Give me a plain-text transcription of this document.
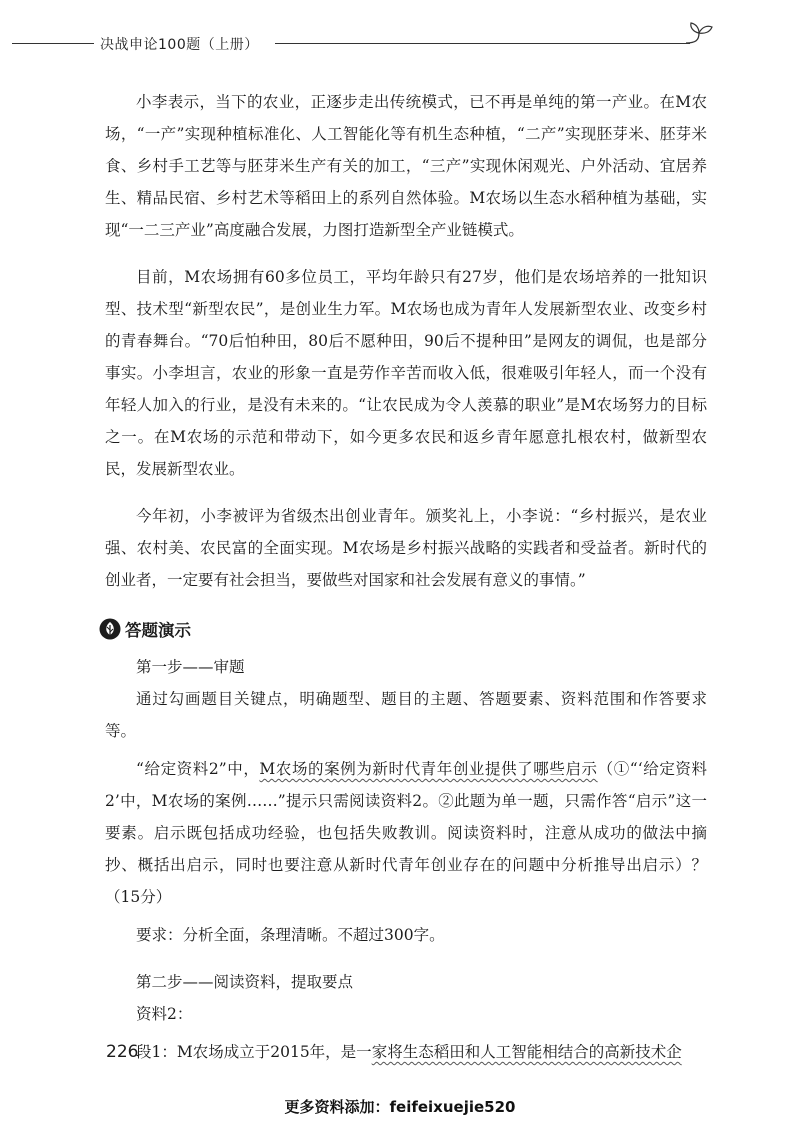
决战申论100题（上册）

小李表示，当下的农业，正逐步走出传统模式，已不再是单纯的第一产业。在M农场，“一产”实现种植标准化、人工智能化等有机生态种植，“二产”实现胚芽米、胚芽米食、乡村手工艺等与胚芽米生产有关的加工，“三产”实现休闲观光、户外活动、宜居养生、精品民宿、乡村艺术等稻田上的系列自然体验。M农场以生态水稻种植为基础，实现“一二三产业”高度融合发展，力图打造新型全产业链模式。

目前，M农场拥有60多位员工，平均年龄只有27岁，他们是农场培养的一批知识型、技术型“新型农民”，是创业生力军。M农场也成为青年人发展新型农业、改变乡村的青春舞台。“70后怕种田，80后不愿种田，90后不提种田”是网友的调侃，也是部分事实。小李坦言，农业的形象一直是劳作辛苦而收入低，很难吸引年轻人，而一个没有年轻人加入的行业，是没有未来的。“让农民成为令人羡慕的职业”是M农场努力的目标之一。在M农场的示范和带动下，如今更多农民和返乡青年愿意扎根农村，做新型农民，发展新型农业。

今年初，小李被评为省级杰出创业青年。颁奖礼上，小李说：“乡村振兴，是农业强、农村美、农民富的全面实现。M农场是乡村振兴战略的实践者和受益者。新时代的创业者，一定要有社会担当，要做些对国家和社会发展有意义的事情。”

答题演示

第一步——审题

通过勾画题目关键点，明确题型、题目的主题、答题要素、资料范围和作答要求等。

“给定资料2”中，M农场的案例为新时代青年创业提供了哪些启示（①“‘给定资料2’中，M农场的案例……”提示只需阅读资料2。②此题为单一题，只需作答“启示”这一要素。启示既包括成功经验，也包括失败教训。阅读资料时，注意从成功的做法中摘抄、概括出启示，同时也要注意从新时代青年创业存在的问题中分析推导出启示）？（15分）

要求：分析全面，条理清晰。不超过300字。

第二步——阅读资料，提取要点

资料2：

段1：M农场成立于2015年，是一家将生态稻田和人工智能相结合的高新技术企

226
更多资料添加：feifeixuejie520
